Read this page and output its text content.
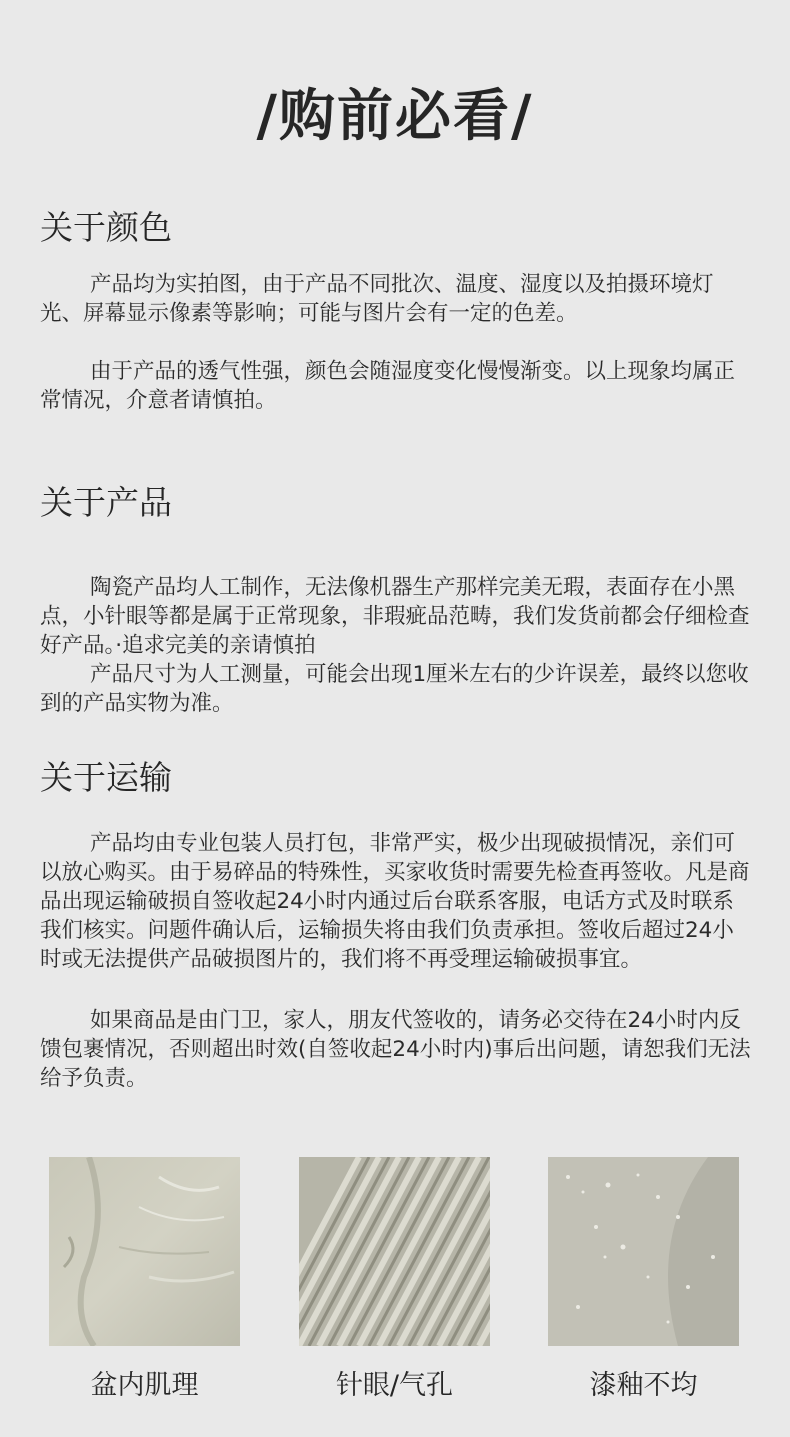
/购前必看/
关于颜色

产品均为实拍图，由于产品不同批次、温度、湿度以及拍摄环境灯光、屏幕显示像素等影响；可能与图片会有一定的色差。

由于产品的透气性强，颜色会随湿度变化慢慢渐变。以上现象均属正常情况，介意者请慎拍。

关于产品

陶瓷产品均人工制作，无法像机器生产那样完美无瑕，表面存在小黑点，小针眼等都是属于正常现象，非瑕疵品范畴，我们发货前都会仔细检查好产品。·追求完美的亲请慎拍

产品尺寸为人工测量，可能会出现1厘米左右的少许误差，最终以您收到的产品实物为准。

关于运输

产品均由专业包装人员打包，非常严实，极少出现破损情况，亲们可以放心购买。由于易碎品的特殊性，买家收货时需要先检查再签收。凡是商品出现运输破损自签收起24小时内通过后台联系客服，电话方式及时联系我们核实。问题件确认后，运输损失将由我们负责承担。签收后超过24小时或无法提供产品破损图片的，我们将不再受理运输破损事宜。

如果商品是由门卫，家人，朋友代签收的，请务必交待在24小时内反馈包裹情况，否则超出时效(自签收起24小时内)事后出问题，请恕我们无法给予负责。

盆内肌理	针眼/气孔	漆釉不均
